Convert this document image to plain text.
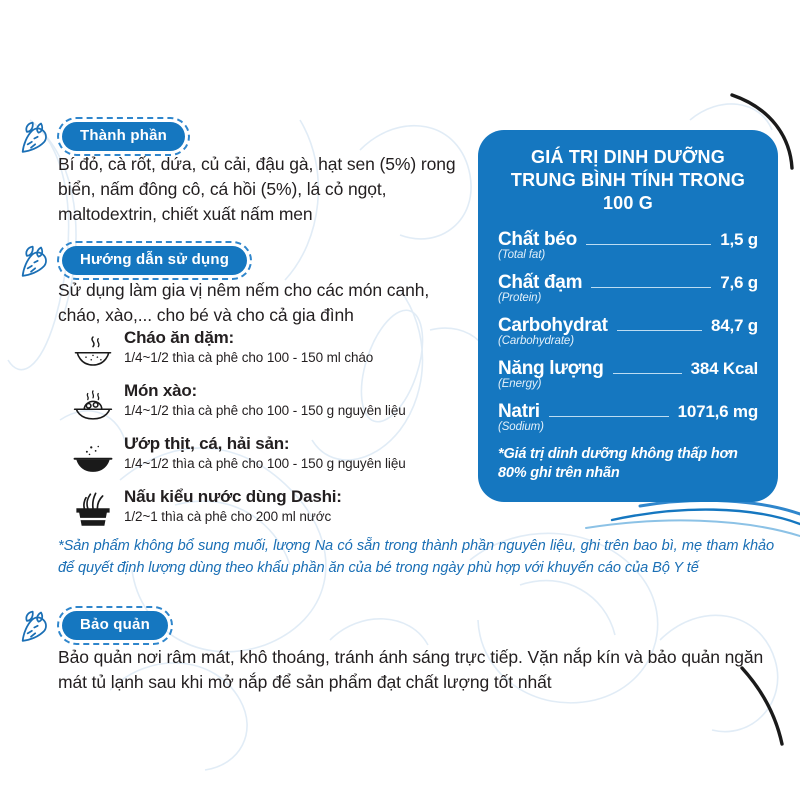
Thành phần
Bí đỏ, cà rốt, dứa, củ cải, đậu gà, hạt sen (5%) rong biển, nấm đông cô, cá hồi (5%), lá cỏ ngọt, maltodextrin, chiết xuất nấm men
Hướng dẫn sử dụng
Sử dụng làm gia vị nêm nếm cho các món canh, cháo, xào,... cho bé và cho cả gia đình
Cháo ăn dặm:
1/4~1/2 thìa cà phê cho 100 - 150 ml cháo
Món xào:
1/4~1/2 thìa cà phê cho 100 - 150 g nguyên liệu
Ướp thịt, cá, hải sản:
1/4~1/2 thìa cà phê cho 100 - 150 g nguyên liệu
Nấu kiểu nước dùng Dashi:
1/2~1 thìa cà phê cho 200 ml nước
GIÁ TRỊ DINH DƯỠNG
TRUNG BÌNH TÍNH TRONG 100 G
Chất béo	1,5 g
(Total fat)
Chất đạm	7,6 g
(Protein)
Carbohydrat	84,7 g
(Carbohydrate)
Năng lượng	384 Kcal
(Energy)
Natri	1071,6 mg
(Sodium)
*Giá trị dinh dưỡng không thấp hơn 80% ghi trên nhãn
*Sản phẩm không bổ sung muối, lượng Na có sẵn trong thành phần nguyên liệu, ghi trên bao bì, mẹ tham khảo để quyết định lượng dùng theo khẩu phần ăn của bé trong ngày phù hợp với khuyến cáo của Bộ Y tế
Bảo quản
Bảo quản nơi râm mát, khô thoáng, tránh ánh sáng trực tiếp. Vặn nắp kín và bảo quản ngăn mát tủ lạnh sau khi mở nắp để sản phẩm đạt chất lượng tốt nhất
